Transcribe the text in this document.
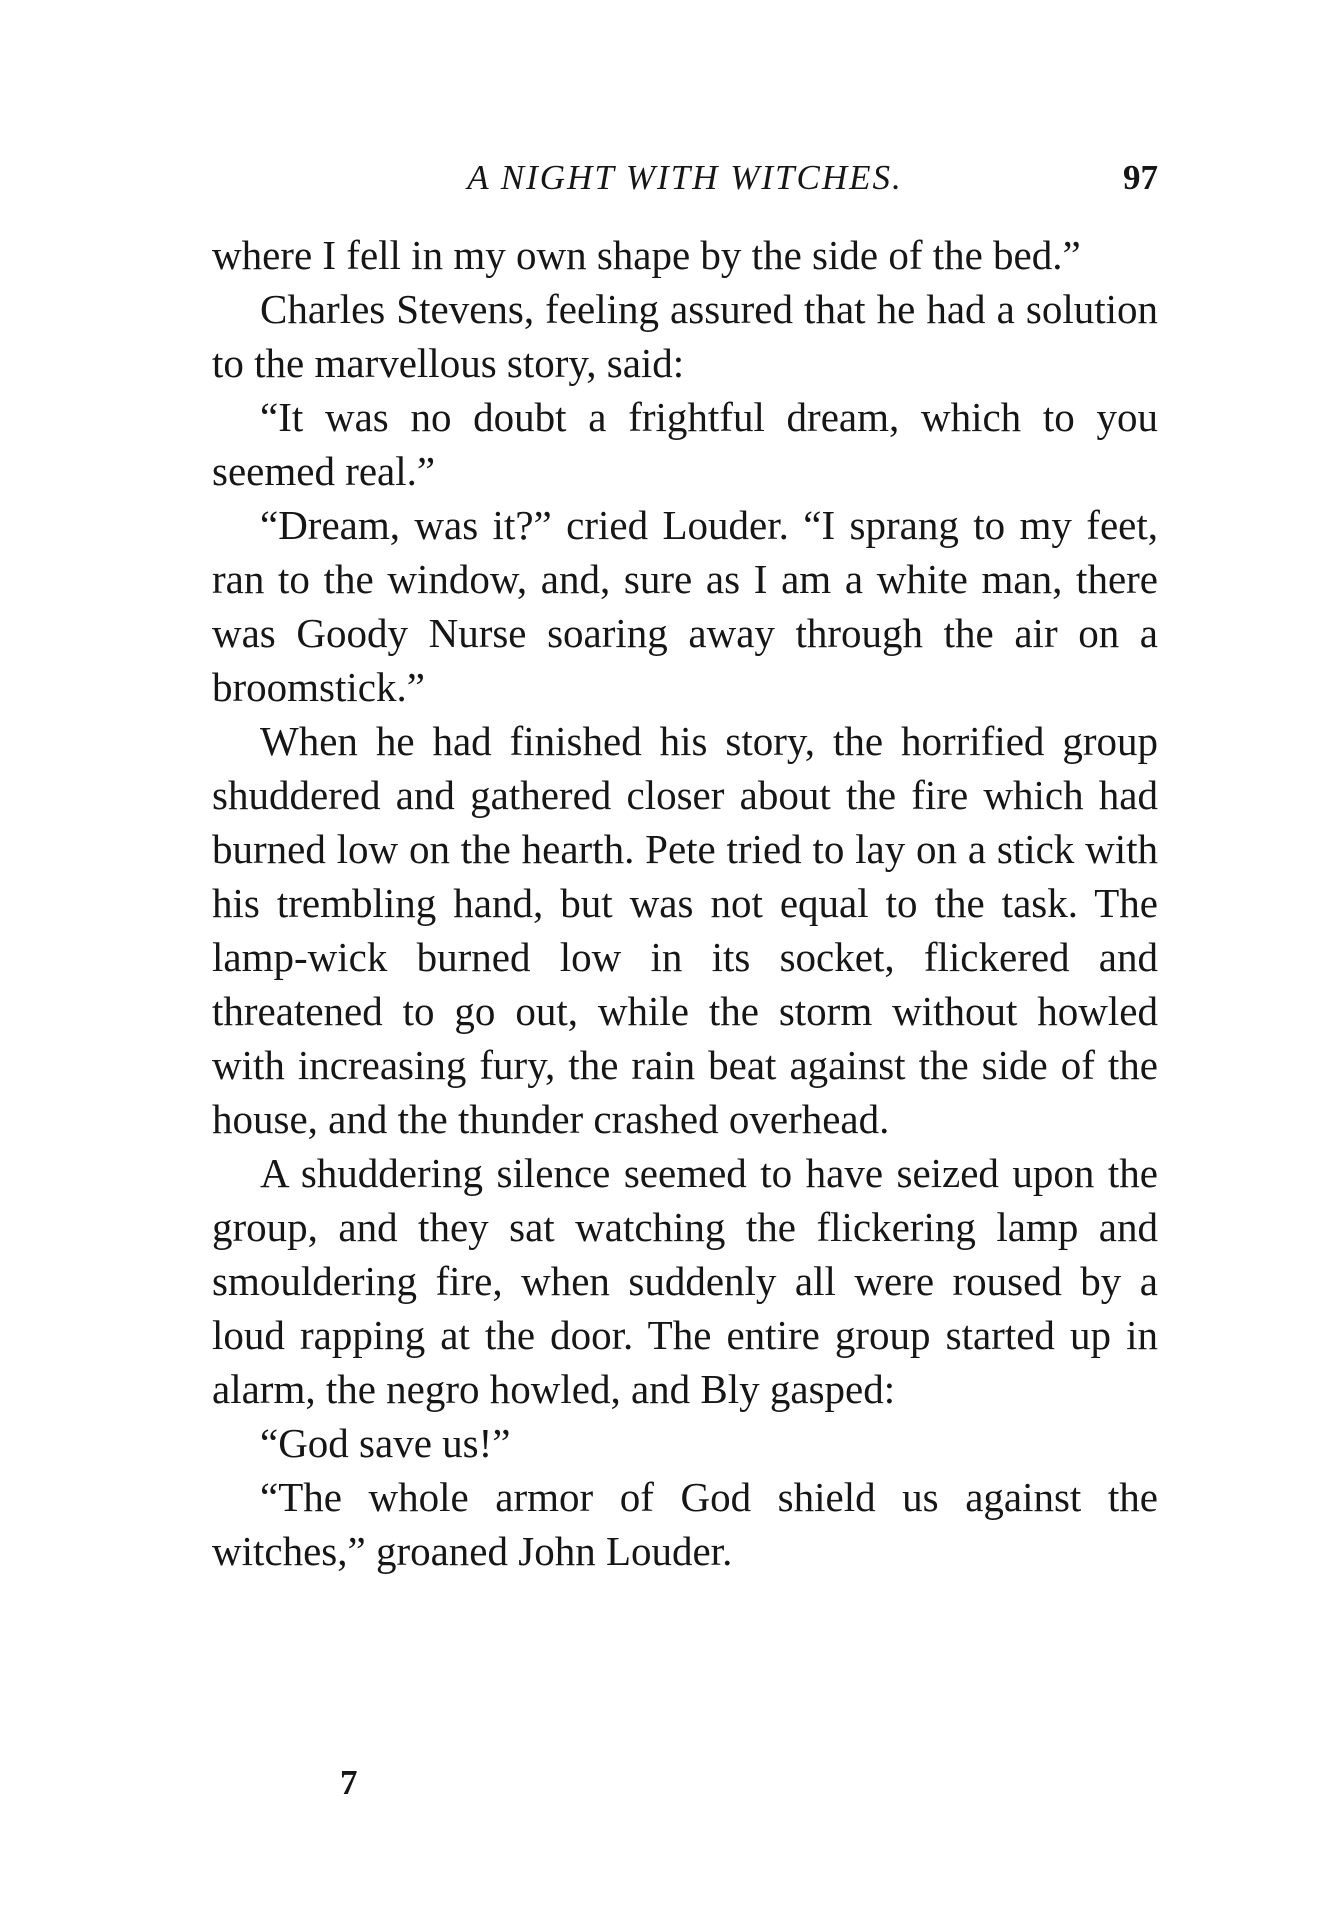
A NIGHT WITH WITCHES.	97

where I fell in my own shape by the side of the bed.”

Charles Stevens, feeling assured that he had a solution to the marvellous story, said:

“It was no doubt a frightful dream, which to you seemed real.”

“Dream, was it?” cried Louder. “I sprang to my feet, ran to the window, and, sure as I am a white man, there was Goody Nurse soaring away through the air on a broomstick.”

When he had finished his story, the horrified group shuddered and gathered closer about the fire which had burned low on the hearth. Pete tried to lay on a stick with his trembling hand, but was not equal to the task. The lamp-wick burned low in its socket, flickered and threatened to go out, while the storm without howled with increasing fury, the rain beat against the side of the house, and the thunder crashed overhead.

A shuddering silence seemed to have seized upon the group, and they sat watching the flickering lamp and smouldering fire, when suddenly all were roused by a loud rapping at the door. The entire group started up in alarm, the negro howled, and Bly gasped:

“God save us!”

“The whole armor of God shield us against the witches,” groaned John Louder.

7
